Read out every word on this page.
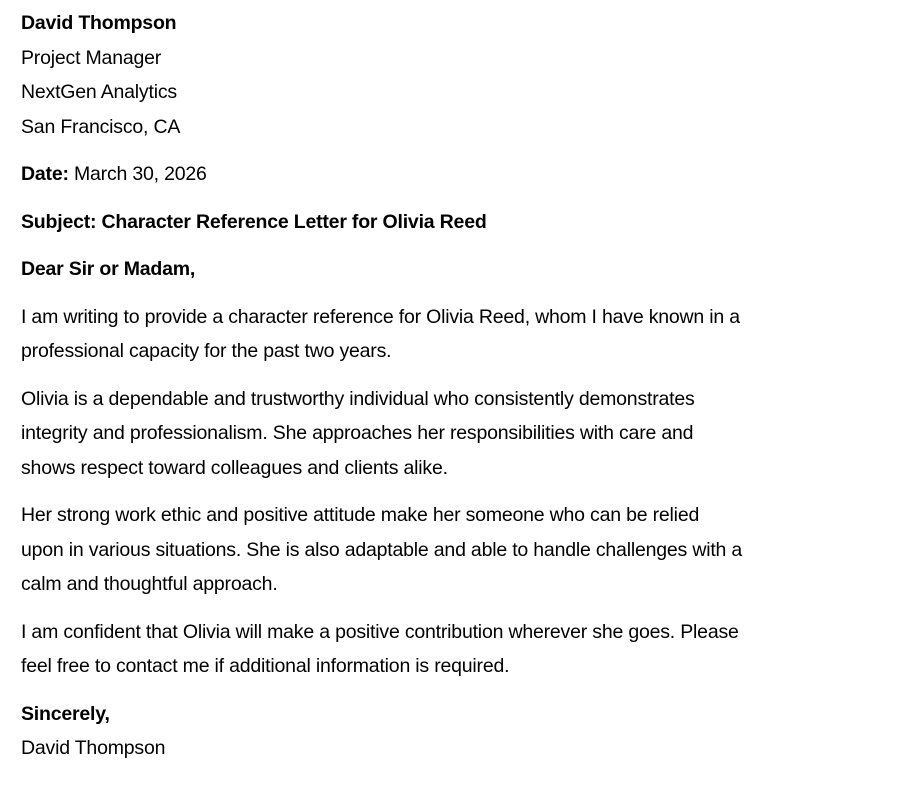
David Thompson
Project Manager
NextGen Analytics
San Francisco, CA
Date: March 30, 2026
Subject: Character Reference Letter for Olivia Reed
Dear Sir or Madam,
I am writing to provide a character reference for Olivia Reed, whom I have known in a
professional capacity for the past two years.
Olivia is a dependable and trustworthy individual who consistently demonstrates
integrity and professionalism. She approaches her responsibilities with care and
shows respect toward colleagues and clients alike.
Her strong work ethic and positive attitude make her someone who can be relied
upon in various situations. She is also adaptable and able to handle challenges with a
calm and thoughtful approach.
I am confident that Olivia will make a positive contribution wherever she goes. Please
feel free to contact me if additional information is required.
Sincerely,
David Thompson
